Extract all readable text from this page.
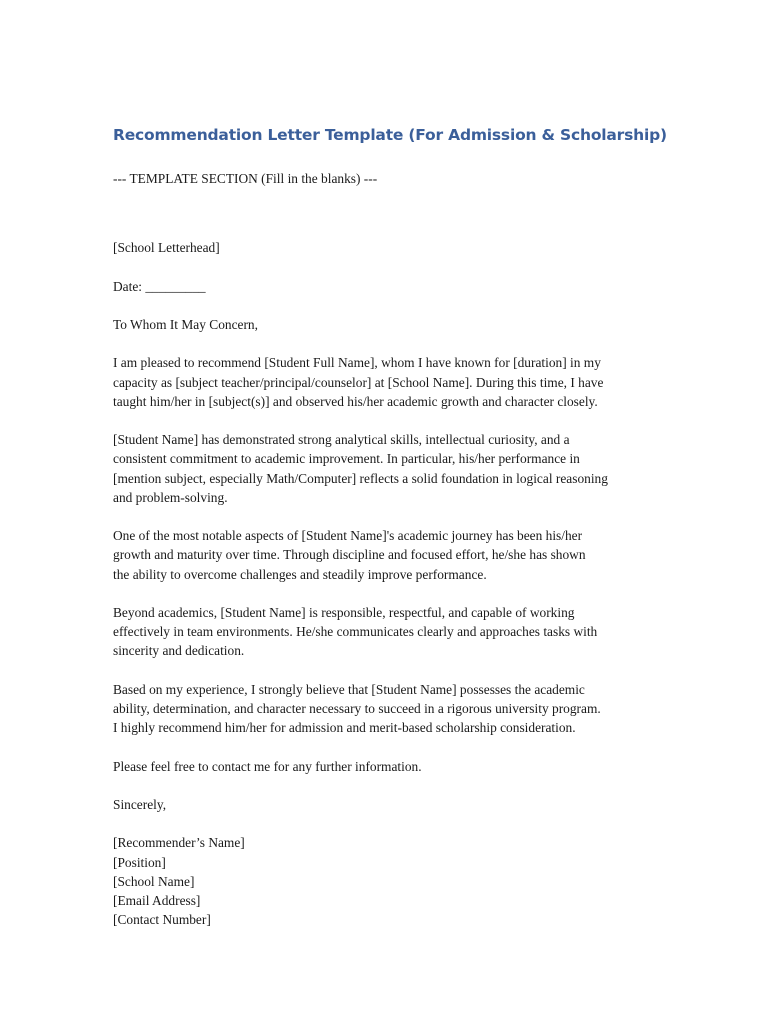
Recommendation Letter Template (For Admission & Scholarship)
--- TEMPLATE SECTION (Fill in the blanks) ---
[School Letterhead]
Date: _________
To Whom It May Concern,
I am pleased to recommend [Student Full Name], whom I have known for [duration] in my
capacity as [subject teacher/principal/counselor] at [School Name]. During this time, I have
taught him/her in [subject(s)] and observed his/her academic growth and character closely.
[Student Name] has demonstrated strong analytical skills, intellectual curiosity, and a
consistent commitment to academic improvement. In particular, his/her performance in
[mention subject, especially Math/Computer] reflects a solid foundation in logical reasoning
and problem-solving.
One of the most notable aspects of [Student Name]'s academic journey has been his/her
growth and maturity over time. Through discipline and focused effort, he/she has shown
the ability to overcome challenges and steadily improve performance.
Beyond academics, [Student Name] is responsible, respectful, and capable of working
effectively in team environments. He/she communicates clearly and approaches tasks with
sincerity and dedication.
Based on my experience, I strongly believe that [Student Name] possesses the academic
ability, determination, and character necessary to succeed in a rigorous university program.
I highly recommend him/her for admission and merit-based scholarship consideration.
Please feel free to contact me for any further information.
Sincerely,
[Recommender’s Name]
[Position]
[School Name]
[Email Address]
[Contact Number]
